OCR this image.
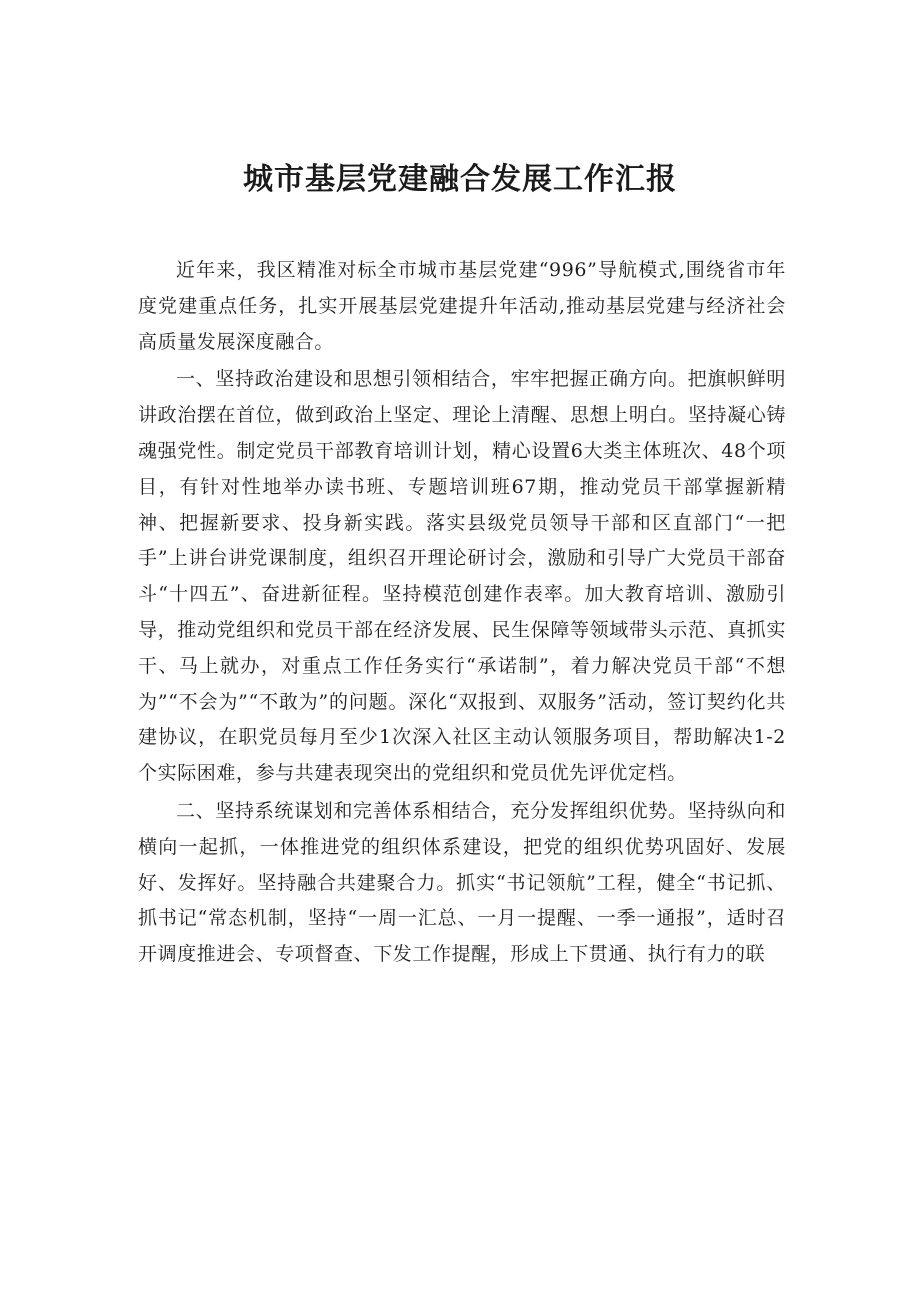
城市基层党建融合发展工作汇报

近年来，我区精准对标全市城市基层党建“996”导航模式,围绕省市年度党建重点任务，扎实开展基层党建提升年活动,推动基层党建与经济社会高质量发展深度融合。

一、坚持政治建设和思想引领相结合，牢牢把握正确方向。把旗帜鲜明讲政治摆在首位，做到政治上坚定、理论上清醒、思想上明白。坚持凝心铸魂强党性。制定党员干部教育培训计划，精心设置6大类主体班次、48个项目，有针对性地举办读书班、专题培训班67期，推动党员干部掌握新精神、把握新要求、投身新实践。落实县级党员领导干部和区直部门“一把手”上讲台讲党课制度，组织召开理论研讨会，激励和引导广大党员干部奋斗“十四五”、奋进新征程。坚持模范创建作表率。加大教育培训、激励引导，推动党组织和党员干部在经济发展、民生保障等领域带头示范、真抓实干、马上就办，对重点工作任务实行“承诺制”，着力解决党员干部“不想为”“不会为”“不敢为”的问题。深化“双报到、双服务”活动，签订契约化共建协议，在职党员每月至少1次深入社区主动认领服务项目，帮助解决1-2个实际困难，参与共建表现突出的党组织和党员优先评优定档。

二、坚持系统谋划和完善体系相结合，充分发挥组织优势。坚持纵向和横向一起抓，一体推进党的组织体系建设，把党的组织优势巩固好、发展好、发挥好。坚持融合共建聚合力。抓实“书记领航”工程，健全“书记抓、抓书记“常态机制，坚持“一周一汇总、一月一提醒、一季一通报”，适时召开调度推进会、专项督查、下发工作提醒，形成上下贯通、执行有力的联
